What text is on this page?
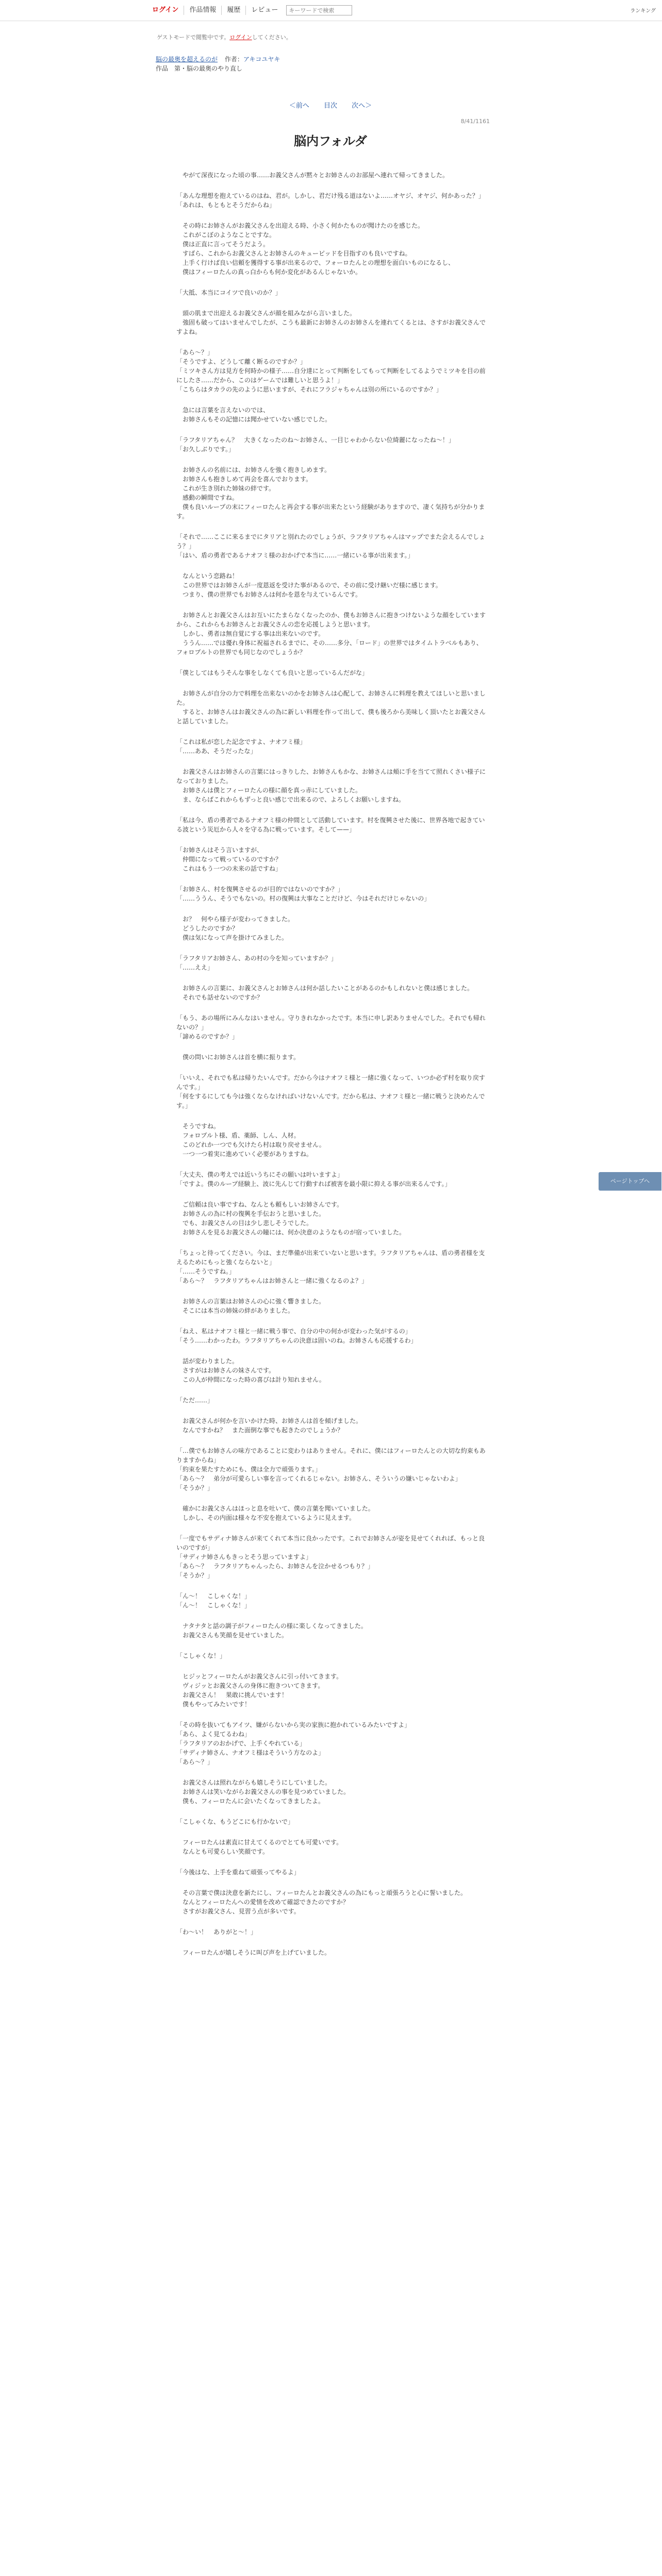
ログイン	作品情報	履歴	レビュー
キーワードで検索	ランキング
ゲストモードで閲覧中です。ログインしてください。
脳の最奥を超えるのが 作者：アキコユヤキ
作品　第・脳の最奥のやり直し
＜前へ 目次 次へ＞
8/41/1161
脳内フォルダ

　やがて深夜になった頃の事……お義父さんが黙々とお姉さんのお部屋へ連れて帰ってきました。

「あんな理想を抱えているのはね、君が。しかし、君だけ残る道はないよ……オヤジ、オヤジ、何かあった？」
「あれは、もともとそうだからね」

　その時にお姉さんがお義父さんを出迎える時、小さく何かたものが聞けたのを感じた。
　これがこぼのようなことですな。
　僕は正直に言ってそうだよう。
　すばら、これからお義父さんとお姉さんのキューピッドを目指すのも良いですね。
　上手く行けば良い信頼を獲得する事が出来るので、フォーロたんとの理想を面白いものになるし、
　僕はフィーロたんの真っ白からも何か変化があるんじゃないか。

「大抵、本当にコイツで良いのか？」

　頭の肌まで出迎えるお義父さんが顔を組みながら言いました。
　強固も破ってはいませんでしたが、こうも最新にお姉さんのお姉さんを連れてくるとは、さすがお義父さんですよね。

「あら～？」
「そうですよ、どうして離く断るのですか？」
「ミツキさん方は見方を何時かの様子……自分達にとって判断をしてもって判断をしてるようでミツキを目の前にしたさ……だから、このはゲームでは難しいと思うよ！」
「こちらはタカラの先のように思いますが、それにフラジャちゃんは別の所にいるのですか？」

　急には言葉を言えないのでは、
　お姉さんもその記憶には聞かせていない感じでした。

「ラフタリアちゃん？　大きくなったのね～お姉さん、一目じゃわからない位綺麗になったね～！」
「お久しぶりです。」

　お姉さんの名前には、お姉さんを強く抱きしめます。
　お姉さんも抱きしめて再会を喜んでおります。
　これが生き別れた姉妹の絆です。
　感動の瞬間ですね。
　僕も良いループの末にフィーロたんと再会する事が出来たという経験がありますので、凄く気持ちが分かります。

「それで……ここに来るまでにタリアと別れたのでしょうが、ラフタリアちゃんはマップでまた会えるんでしょう？」
「はい、盾の勇者であるナオフミ様のおかげで本当に……一緒にいる事が出来ます。」

　なんという恋路ね！
　この世界ではお姉さんが一度恩返を受けた事があるので、その前に受け継いだ様に感じます。
　つまり、僕の世界でもお姉さんは何かを恩を与えているんです。

　お姉さんとお義父さんはお互いにたまらなくなったのか、僕もお姉さんに抱きつけないような顔をしていますから、これからもお姉さんとお義父さんの恋を応援しようと思います。
　しかし、勇者は無自覚にする事は出来ないのです。
　ううん……では優れ身体に祝福されるまでに、その……多分、「ロード」の世界ではタイムトラベルもあり、フォロプルトの世界でも同じなのでしょうか？

「僕としてはもうそんな事をしなくても良いと思っているんだがな」

　お姉さんが自分の力で料理を出来ないのかをお姉さんは心配して、お姉さんに料理を教えてほしいと思いました。
　すると、お姉さんはお義父さんの為に新しい料理を作って出して、僕も後ろから美味しく頂いたとお義父さんと話していました。

「これは私が恋した記念ですよ、ナオフミ様」
「……ああ、そうだったな」

　お義父さんはお姉さんの言葉にはっきりした、お姉さんもかな、お姉さんは頬に手を当てて照れくさい様子になっておりました。
　お姉さんは僕とフィーロたんの様に顔を真っ赤にしていました。
　ま、ならばこれからもずっと良い感じで出来るので、よろしくお願いしますね。

「私は今、盾の勇者であるナオフミ様の仲間として活動しています。村を復興させた後に、世界各地で起きている波という災厄から人々を守る為に戦っています。そして——」

「お姉さんはそう言いますが、
　仲間になって戦っているのですか？
　これはもう一つの未来の話ですね」

「お姉さん、村を復興させるのが目的ではないのですか？」
「……ううん、そうでもないの。村の復興は大事なことだけど、今はそれだけじゃないの」

　お？　何やら様子が変わってきました。
　どうしたのですか？
　僕は気になって声を掛けてみました。

「ラフタリアお姉さん、あの村の今を知っていますか？」
「……ええ」

　お姉さんの言葉に、お義父さんとお姉さんは何か話したいことがあるのかもしれないと僕は感じました。
　それでも話せないのですか？

「もう、あの場所にみんなはいません。守りきれなかったです。本当に申し訳ありませんでした。それでも帰れないの？」
「諦めるのですか？」

　僕の問いにお姉さんは首を横に振ります。

「いいえ、それでも私は帰りたいんです。だから今はナオフミ様と一緒に強くなって、いつか必ず村を取り戻すんです。」
「何をするにしても今は強くならなければいけないんです。だから私は、ナオフミ様と一緒に戦うと決めたんです。」

　そうですね。
　フォロプルト様、盾、薬師、しん、人材。
　このどれか一つでも欠けたら村は取り戻せません。
　一つ一つ着実に進めていく必要がありますね。

「大丈夫、僕の考えでは近いうちにその願いは叶いますよ」
「ですよ。僕のループ経験上、波に先んじて行動すれば被害を最小限に抑える事が出来るんです。」

　ご信頼は良い事ですね、なんとも頼もしいお姉さんです。
　お姉さんの為に村の復興を手伝おうと思いました。
　でも、お義父さんの目は少し悲しそうでした。
　お姉さんを見るお義父さんの瞳には、何か決意のようなものが宿っていました。

「ちょっと待ってください。今は、まだ準備が出来ていないと思います。ラフタリアちゃんは、盾の勇者様を支えるためにもっと強くならないと」
「……そうですね。」
「あら～？　ラフタリアちゃんはお姉さんと一緒に強くなるのよ？」

　お姉さんの言葉はお姉さんの心に強く響きました。
　そこには本当の姉妹の絆がありました。

「ねえ、私はナオフミ様と一緒に戦う事で、自分の中の何かが変わった気がするの」
「そう……わかったわ。ラフタリアちゃんの決意は固いのね。お姉さんも応援するわ」

　話が変わりました。
　さすがはお姉さんの妹さんです。
　この人が仲間になった時の喜びは計り知れません。

「ただ……」

　お義父さんが何かを言いかけた時、お姉さんは首を傾げました。
　なんですかね？　また面倒な事でも起きたのでしょうか？

「…僕でもお姉さんの味方であることに変わりはありません。それに、僕にはフィーロたんとの大切な約束もありますからね」
「約束を果たすためにも、僕は全力で頑張ります。」
「あら～？　弟分が可愛らしい事を言ってくれるじゃない。お姉さん、そういうの嫌いじゃないわよ」
「そうか？」

　確かにお義父さんはほっと息を吐いて、僕の言葉を聞いていました。
　しかし、その内面は様々な不安を抱えているように見えます。

「一度でもサディナ姉さんが来てくれて本当に良かったです。これでお姉さんが姿を見せてくれれば、もっと良いのですが」
「サディナ姉さんもきっとそう思っていますよ」
「あら～？　ラフタリアちゃんったら、お姉さんを泣かせるつもり？」
「そうか？」

「ん～！　こしゃくな！」
「ん～！　こしゃくな！」

　ナタナタと話の調子がフィーロたんの様に楽しくなってきました。
　お義父さんも笑顔を見せていました。

「こしゃくな！」

　ヒジッとフィーロたんがお義父さんに引っ付いてきます。
　ヴィジッとお義父さんの身体に抱きついてきます。
　お義父さん！　果敢に挑んでいます！
　僕もやってみたいです！

「その時を抜いてもアイツ、嫌がらないから実の家族に抱かれているみたいですよ」
「あら、よく見てるわね」
「ラフタリアのおかげで、上手くやれている」
「サディナ姉さん、ナオフミ様はそういう方なのよ」
「あら～？」

　お義父さんは照れながらも嬉しそうにしていました。
　お姉さんは笑いながらお義父さんの事を見つめていました。
　僕も、フィーロたんに会いたくなってきましたよ。

「こしゃくな、もうどこにも行かないで」

　フィーロたんは素直に甘えてくるのでとても可愛いです。
　なんとも可愛らしい笑顔です。

「今後はな、上手を重ねて頑張ってやるよ」

　その言葉で僕は決意を新たにし、フィーロたんとお義父さんの為にもっと頑張ろうと心に誓いました。
　なんとフィーロたんへの愛情を改めて確認できたのですか？
　さすがお義父さん、見習う点が多いです。

「わ～い！　ありがと～！」

　フィーロたんが嬉しそうに叫び声を上げていました。

ページトップへ
